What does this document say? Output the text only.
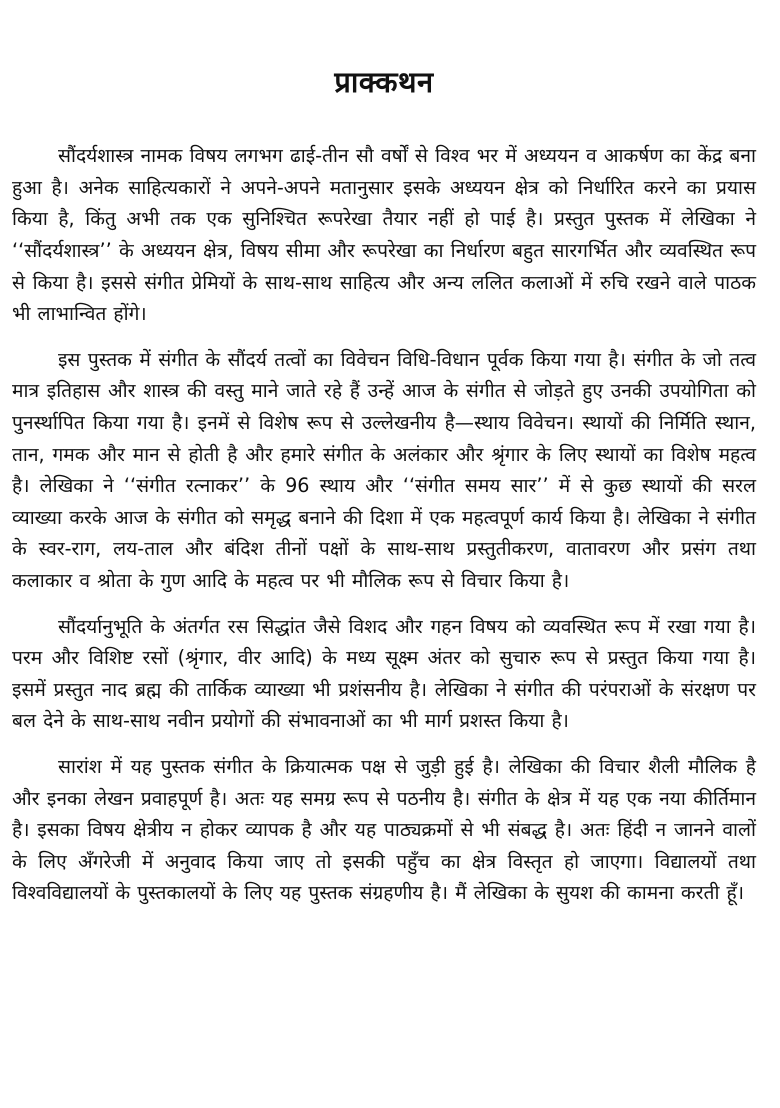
प्राक्कथन

सौंदर्यशास्त्र नामक विषय लगभग ढाई-तीन सौ वर्षों से विश्व भर में अध्ययन व आकर्षण का केंद्र बना हुआ है। अनेक साहित्यकारों ने अपने-अपने मतानुसार इसके अध्ययन क्षेत्र को निर्धारित करने का प्रयास किया है, किंतु अभी तक एक सुनिश्चित रूपरेखा तैयार नहीं हो पाई है। प्रस्तुत पुस्तक में लेखिका ने ‘‘सौंदर्यशास्त्र’’ के अध्ययन क्षेत्र, विषय सीमा और रूपरेखा का निर्धारण बहुत सारगर्भित और व्यवस्थित रूप से किया है। इससे संगीत प्रेमियों के साथ-साथ साहित्य और अन्य ललित कलाओं में रुचि रखने वाले पाठक भी लाभान्वित होंगे।

इस पुस्तक में संगीत के सौंदर्य तत्वों का विवेचन विधि-विधान पूर्वक किया गया है। संगीत के जो तत्व मात्र इतिहास और शास्त्र की वस्तु माने जाते रहे हैं उन्हें आज के संगीत से जोड़ते हुए उनकी उपयोगिता को पुनर्स्थापित किया गया है। इनमें से विशेष रूप से उल्लेखनीय है—स्थाय विवेचन। स्थायों की निर्मिति स्थान, तान, गमक और मान से होती है और हमारे संगीत के अलंकार और श्रृंगार के लिए स्थायों का विशेष महत्व है। लेखिका ने ‘‘संगीत रत्नाकर’’ के 96 स्थाय और ‘‘संगीत समय सार’’ में से कुछ स्थायों की सरल व्याख्या करके आज के संगीत को समृद्ध बनाने की दिशा में एक महत्वपूर्ण कार्य किया है। लेखिका ने संगीत के स्वर-राग, लय-ताल और बंदिश तीनों पक्षों के साथ-साथ प्रस्तुतीकरण, वातावरण और प्रसंग तथा कलाकार व श्रोता के गुण आदि के महत्व पर भी मौलिक रूप से विचार किया है।

सौंदर्यानुभूति के अंतर्गत रस सिद्धांत जैसे विशद और गहन विषय को व्यवस्थित रूप में रखा गया है। परम और विशिष्ट रसों (श्रृंगार, वीर आदि) के मध्य सूक्ष्म अंतर को सुचारु रूप से प्रस्तुत किया गया है। इसमें प्रस्तुत नाद ब्रह्म की तार्किक व्याख्या भी प्रशंसनीय है। लेखिका ने संगीत की परंपराओं के संरक्षण पर बल देने के साथ-साथ नवीन प्रयोगों की संभावनाओं का भी मार्ग प्रशस्त किया है।

सारांश में यह पुस्तक संगीत के क्रियात्मक पक्ष से जुड़ी हुई है। लेखिका की विचार शैली मौलिक है और इनका लेखन प्रवाहपूर्ण है। अतः यह समग्र रूप से पठनीय है। संगीत के क्षेत्र में यह एक नया कीर्तिमान है। इसका विषय क्षेत्रीय न होकर व्यापक है और यह पाठ्यक्रमों से भी संबद्ध है। अतः हिंदी न जानने वालों के लिए अँगरेजी में अनुवाद किया जाए तो इसकी पहुँच का क्षेत्र विस्तृत हो जाएगा। विद्यालयों तथा विश्वविद्यालयों के पुस्तकालयों के लिए यह पुस्तक संग्रहणीय है। मैं लेखिका के सुयश की कामना करती हूँ।
